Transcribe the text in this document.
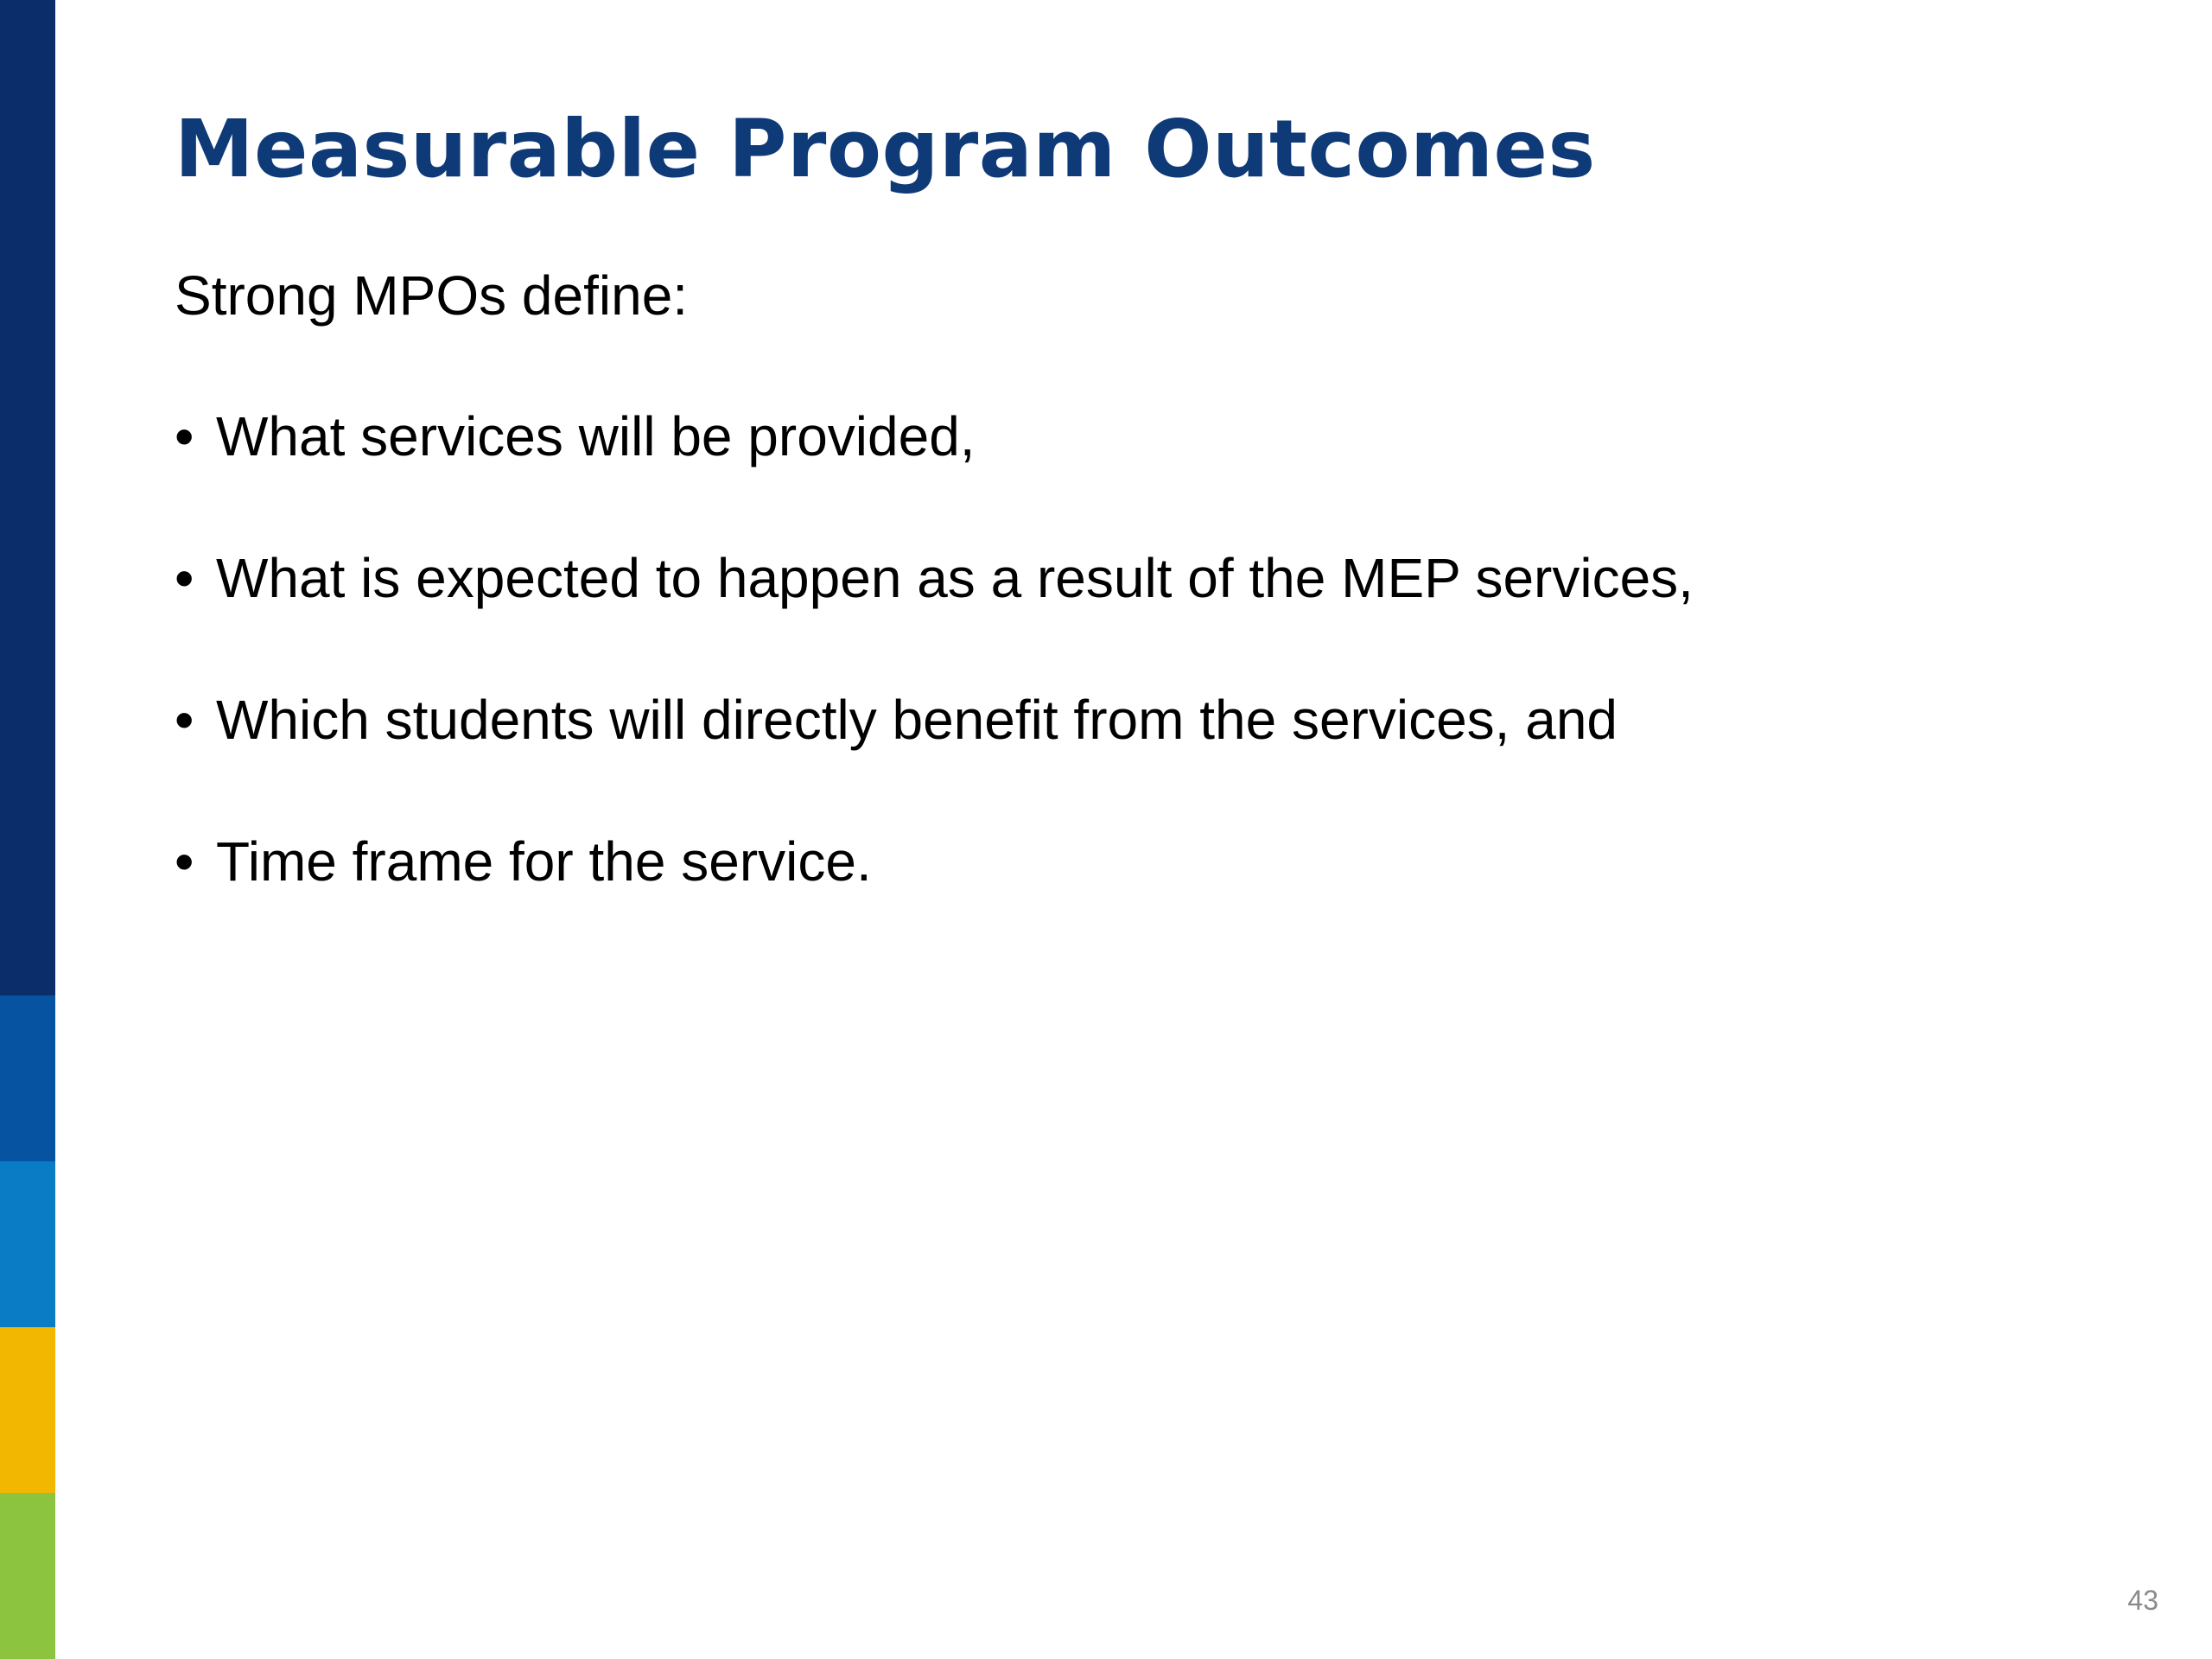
Measurable Program Outcomes

Strong MPOs define:

• What services will be provided,
• What is expected to happen as a result of the MEP services,
• Which students will directly benefit from the services, and
• Time frame for the service.
43
